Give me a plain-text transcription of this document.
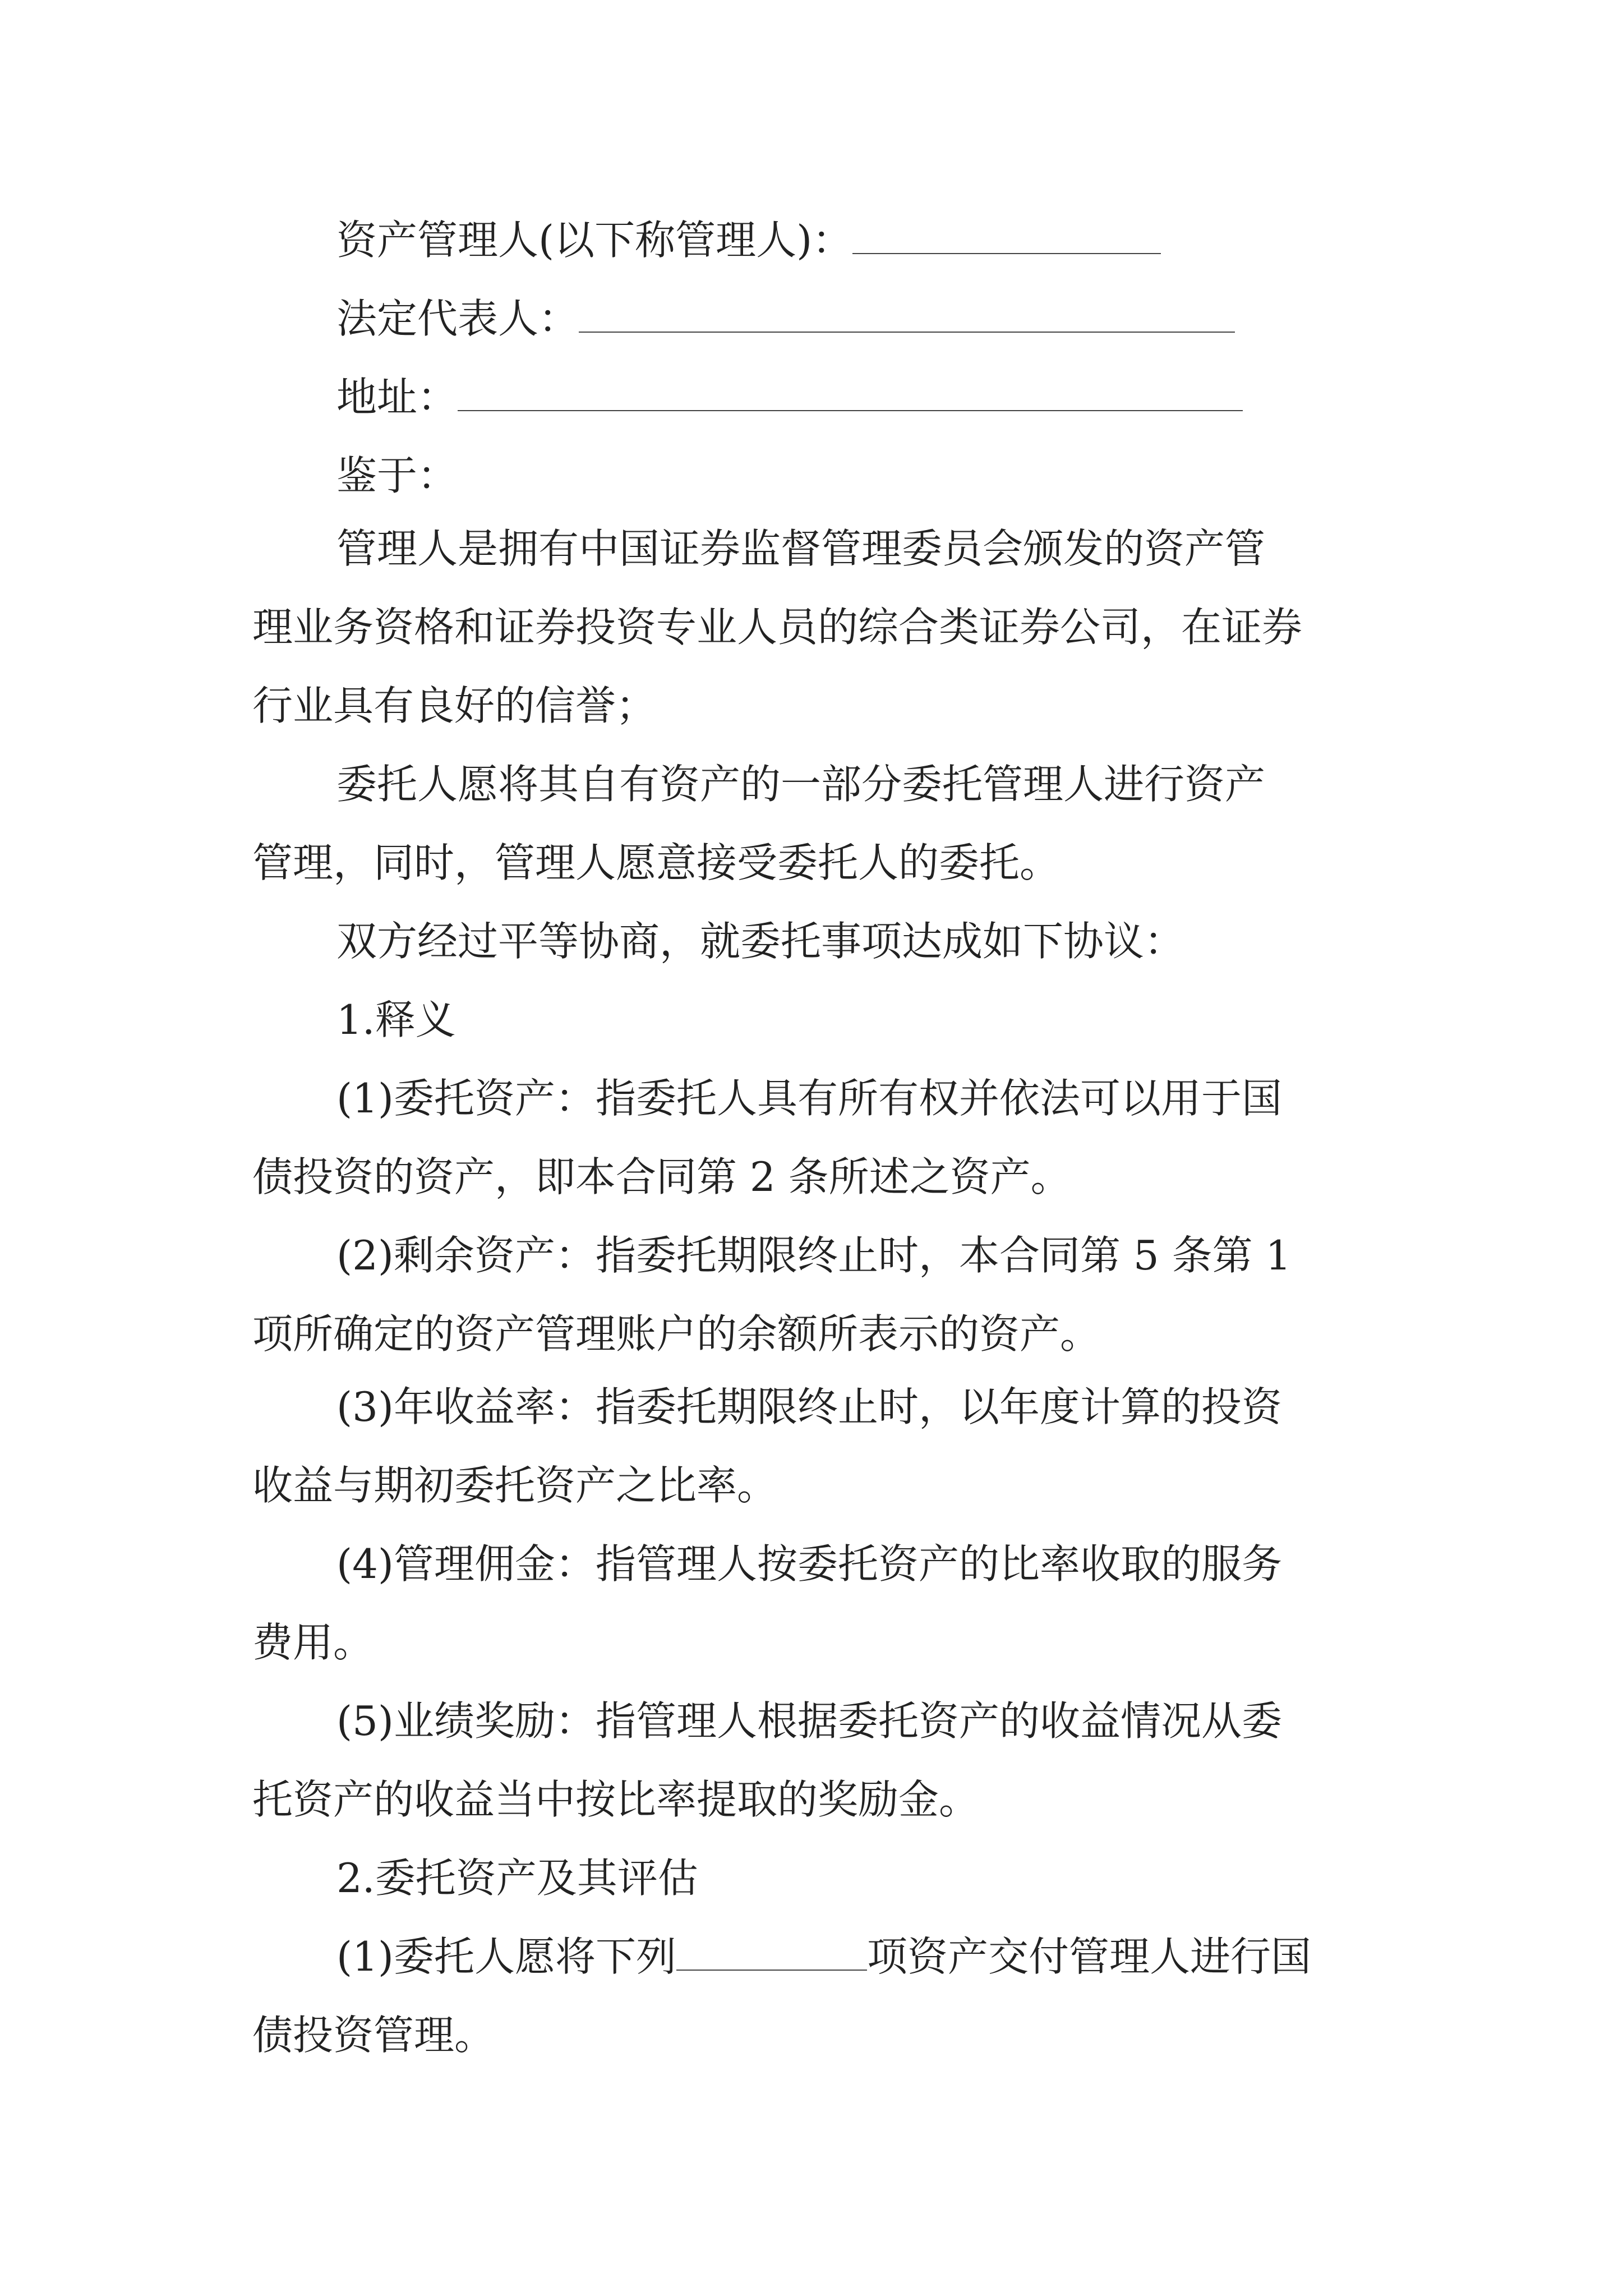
资产管理人(以下称管理人)：
法定代表人：
地址：
鉴于：
管理人是拥有中国证券监督管理委员会颁发的资产管
理业务资格和证券投资专业人员的综合类证券公司，在证券
行业具有良好的信誉；
委托人愿将其自有资产的一部分委托管理人进行资产
管理，同时，管理人愿意接受委托人的委托。
双方经过平等协商，就委托事项达成如下协议：
1.释义
(1)委托资产：指委托人具有所有权并依法可以用于国
债投资的资产，即本合同第 2 条所述之资产。
(2)剩余资产：指委托期限终止时，本合同第 5 条第 1
项所确定的资产管理账户的余额所表示的资产。
(3)年收益率：指委托期限终止时，以年度计算的投资
收益与期初委托资产之比率。
(4)管理佣金：指管理人按委托资产的比率收取的服务
费用。
(5)业绩奖励：指管理人根据委托资产的收益情况从委
托资产的收益当中按比率提取的奖励金。
2.委托资产及其评估
(1)委托人愿将下列	项资产交付管理人进行国
债投资管理。
